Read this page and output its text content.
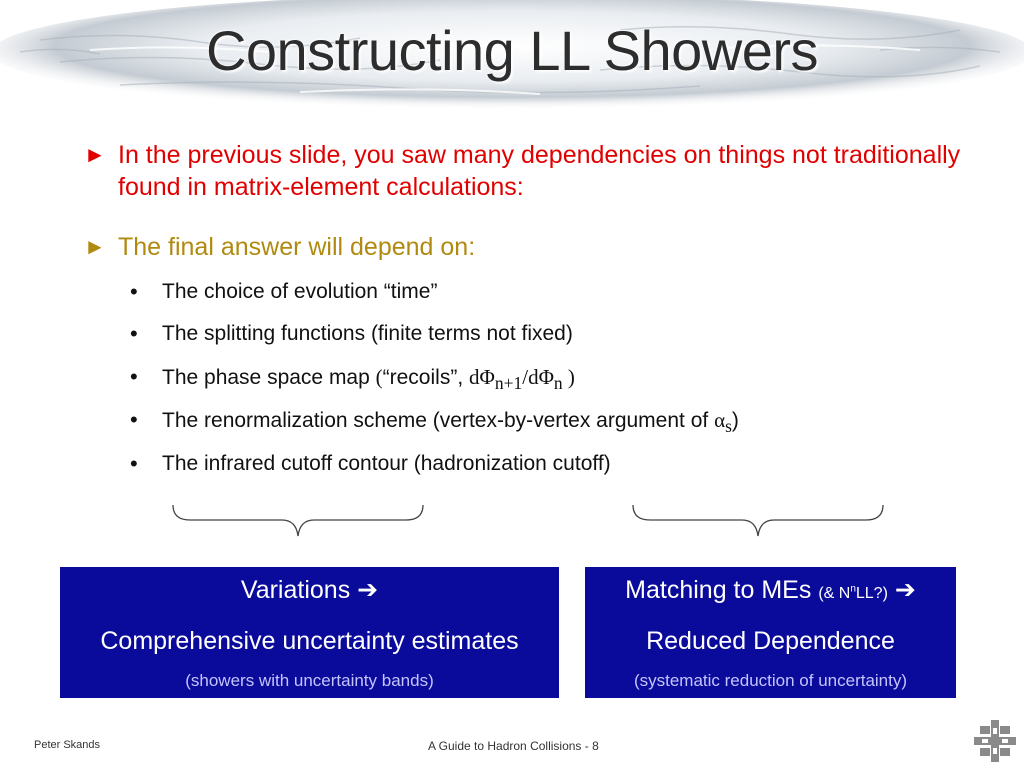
Constructing LL Showers
► In the previous slide, you saw many dependencies on things not traditionally found in matrix-element calculations:
► The final answer will depend on:
• The choice of evolution “time”
• The splitting functions (finite terms not fixed)
• The phase space map (“recoils”, $d\Phi_{n+1}/d\Phi_n$ )
• The renormalization scheme (vertex-by-vertex argument of $\alpha_s$)
• The infrared cutoff contour (hadronization cutoff)
Variations ➔
Comprehensive uncertainty estimates
(showers with uncertainty bands)
Matching to MEs (& $N^nLL$?) ➔
Reduced Dependence
(systematic reduction of uncertainty)
Peter Skands	A Guide to Hadron Collisions - 8
